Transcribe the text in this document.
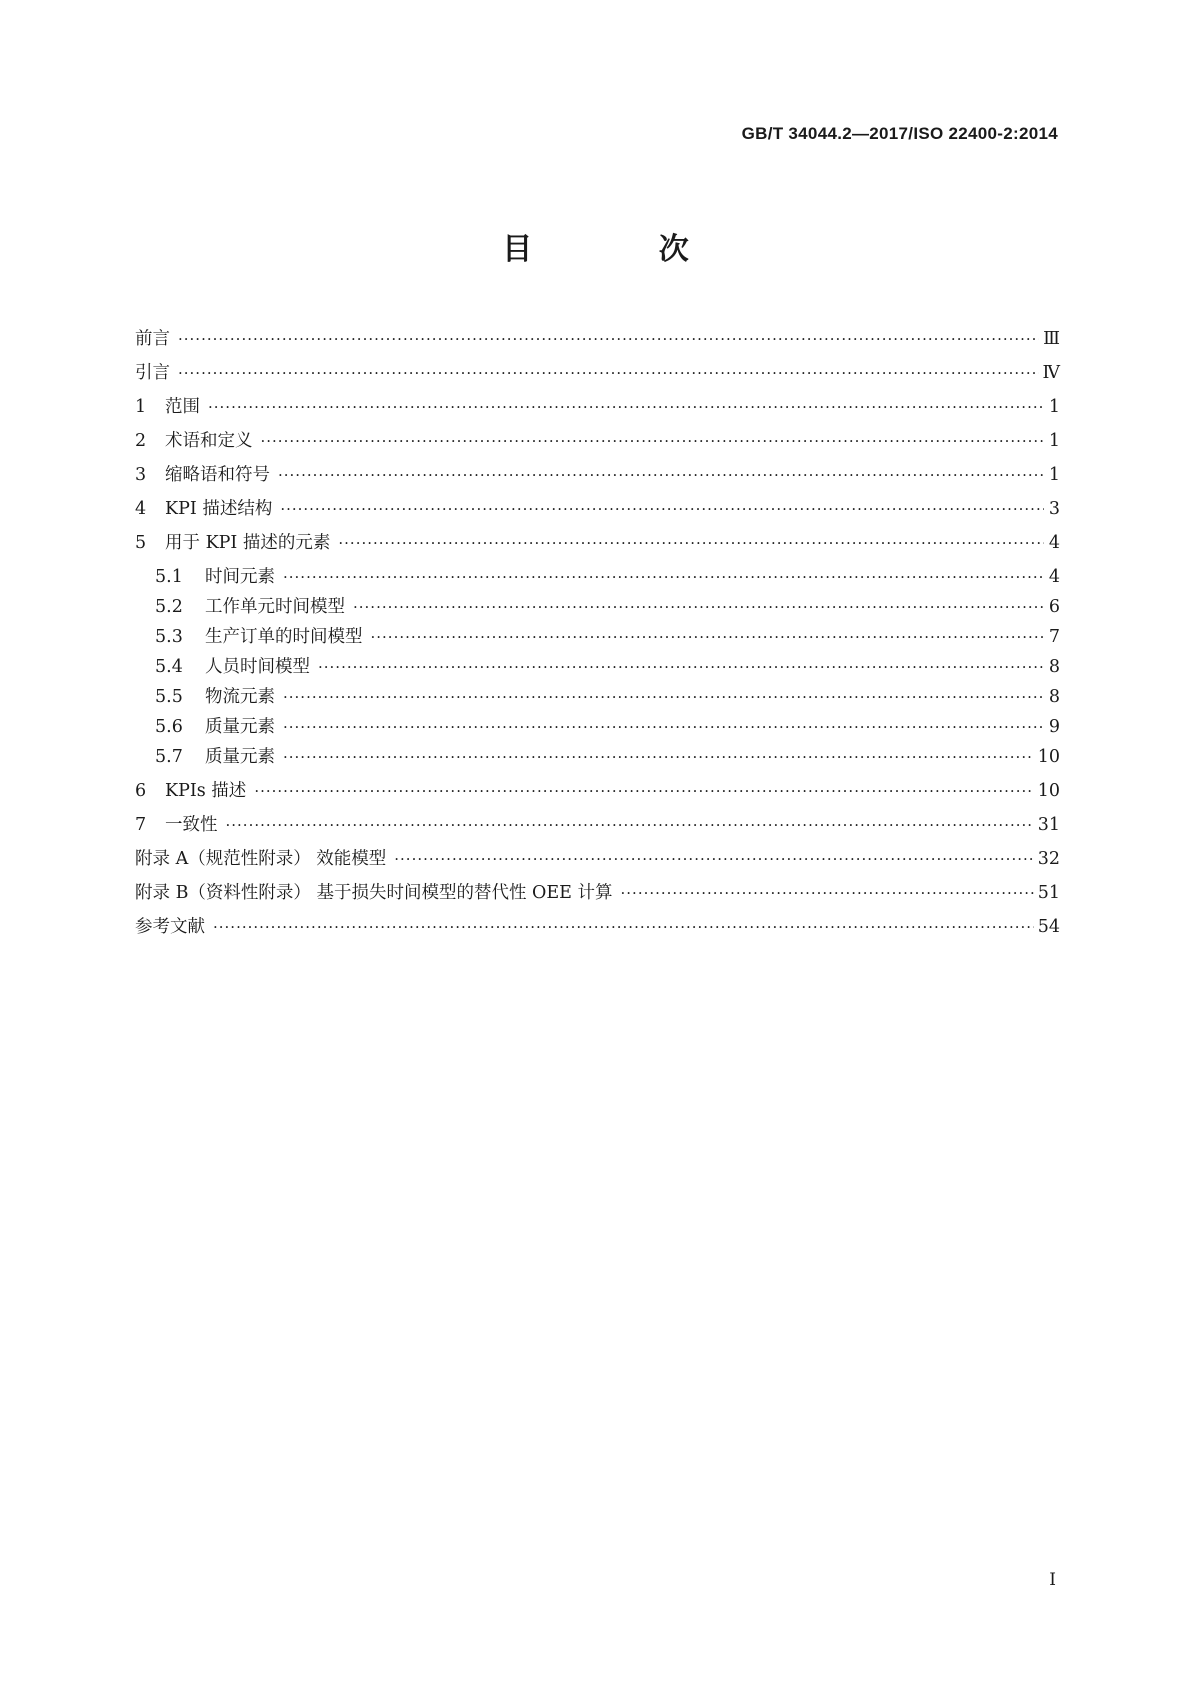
GB/T 34044.2—2017/ISO 22400-2:2014
目 次
前言 ·····	Ⅲ
引言 ·····	Ⅳ
1	范围 ·····	1
2	术语和定义 ·····	1
3	缩略语和符号 ·····	1
4	KPI 描述结构 ·····	3
5	用于 KPI 描述的元素 ·····	4
5.1	时间元素 ·····	4
5.2	工作单元时间模型 ·····	6
5.3	生产订单的时间模型 ·····	7
5.4	人员时间模型 ·····	8
5.5	物流元素 ·····	8
5.6	质量元素 ·····	9
5.7	质量元素 ·····	10
6	KPIs 描述 ·····	10
7	一致性 ·····	31
附录 A（规范性附录） 效能模型 ·····	32
附录 B（资料性附录） 基于损失时间模型的替代性 OEE 计算 ·····	51
参考文献 ·····	54
I
